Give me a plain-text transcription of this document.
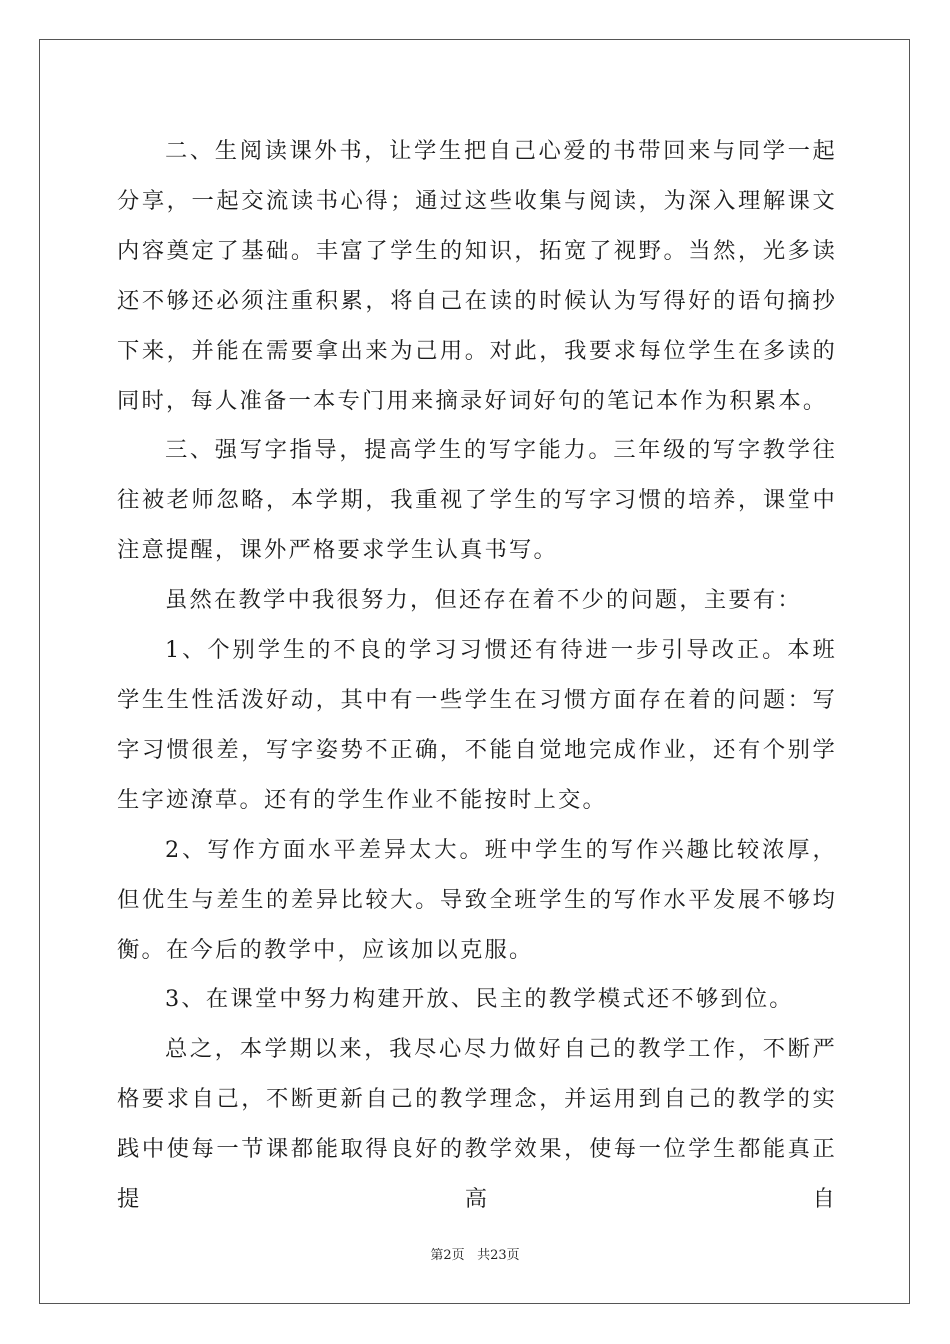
二、生阅读课外书，让学生把自己心爱的书带回来与同学一起分享，一起交流读书心得；通过这些收集与阅读，为深入理解课文内容奠定了基础。丰富了学生的知识，拓宽了视野。当然，光多读还不够还必须注重积累，将自己在读的时候认为写得好的语句摘抄下来，并能在需要拿出来为己用。对此，我要求每位学生在多读的同时，每人准备一本专门用来摘录好词好句的笔记本作为积累本。

三、强写字指导，提高学生的写字能力。三年级的写字教学往往被老师忽略，本学期，我重视了学生的写字习惯的培养，课堂中注意提醒，课外严格要求学生认真书写。

虽然在教学中我很努力，但还存在着不少的问题，主要有：

1、个别学生的不良的学习习惯还有待进一步引导改正。本班学生生性活泼好动，其中有一些学生在习惯方面存在着的问题：写字习惯很差，写字姿势不正确，不能自觉地完成作业，还有个别学生字迹潦草。还有的学生作业不能按时上交。

2、写作方面水平差异太大。班中学生的写作兴趣比较浓厚，但优生与差生的差异比较大。导致全班学生的写作水平发展不够均衡。在今后的教学中，应该加以克服。

3、在课堂中努力构建开放、民主的教学模式还不够到位。

总之，本学期以来，我尽心尽力做好自己的教学工作，不断严格要求自己，不断更新自己的教学理念，并运用到自己的教学的实践中使每一节课都能取得良好的教学效果，使每一位学生都能真正提高自

第2页 共23页
